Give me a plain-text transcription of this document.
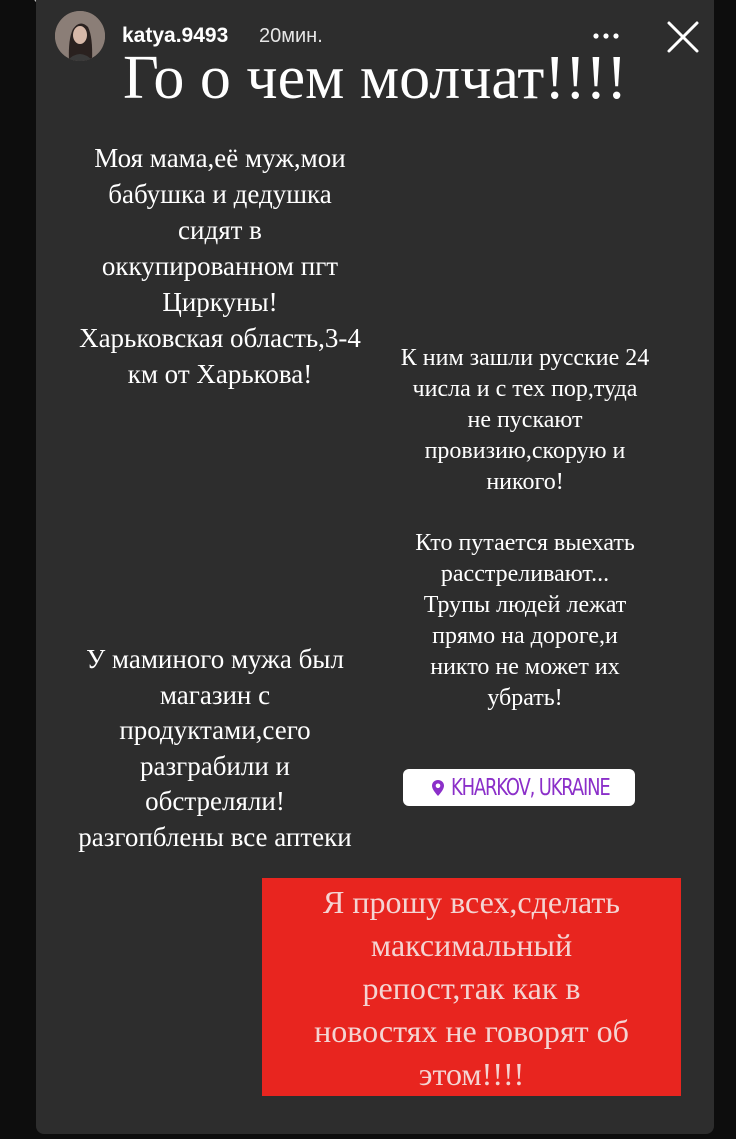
katya.9493 20мин.
Го о чем молчат!!!!
Моя мама,её муж,мои
бабушка и дедушка
сидят в
оккупированном пгт
Циркуны!
Харьковская область,3-4
км от Харькова!
К ним зашли русские 24
числа и с тех пор,туда
не пускают
провизию,скорую и
никого!
Кто путается выехать
расстреливают...
Трупы людей лежат
прямо на дороге,и
никто не может их
убрать!
У маминого мужа был
магазин с
продуктами,сего
разграбили и
обстреляли!
разгопблены все аптеки
KHARKOV, UKRAINE
Я прошу всех,сделать
максимальный
репост,так как в
новостях не говорят об
этом!!!!
